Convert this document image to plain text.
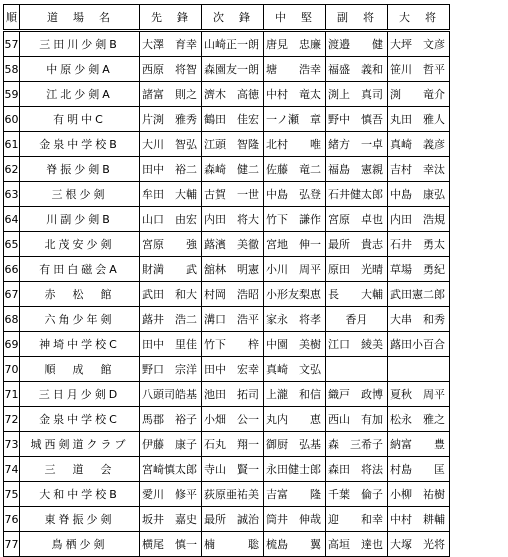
順	道　場　名	先　鋒	次　鋒	中　堅	副　将	大　将
57	三田川少剣B	大澤　育幸	山崎正一朗	唐見　忠廉	渡邉　　健	大坪　文彦
58	中原少剣A	西原　将智	森園友一朗	塘　　浩幸	福盛　義和	笹川　哲平
59	江北少剣A	諸富　則之	濟木　高徳	中村　竜太	渕上　真司	渕　　竜介
60	有明中C	片渕　雅秀	鶴田　佳宏	一ノ瀬　章	野中　慎吾	丸田　雅人
61	金泉中学校B	大川　智弘	江頭　智隆	北村　　唯	緒方　一卓	真崎　義彦
62	脊振少剣B	田中　裕二	森崎　健二	佐藤　竜二	福島　憲親	吉村　幸汰
63	三根少剣	牟田　大輔	古賀　一世	中島　弘登	石井健太郎	中島　康弘
64	川副少剣B	山口　由宏	内田　将大	竹下　謙作	宮原　卓也	内田　浩規
65	北茂安少剣	宮原　　強	蕗濱　美徹	宮地　伸一	最所　貴志	石井　勇太
66	有田白磁会A	財満　　武	舘林　明憲	小川　周平	原田　光晴	草場　勇紀
67	赤　松　館	武田　和大	村岡　浩昭	小形友梨恵	長　　大輔	武田憲二郎
68	六角少年剣	蕗井　浩二	溝口　浩平	家永　将孝	香月	大串　和秀
69	神埼中学校C	田中　里佳	竹下　　梓	中園　美樹	江口　綾美	蕗田小百合
70	順　成　館	野口　宗洋	田中　宏幸	真崎　文弘		
71	三日月少剣D	八頭司皓基	池田　拓司	上瀧　和信	織戸　政博	夏秋　周平
72	金泉中学校C	馬郡　裕子	小畑　公一	丸内　　恵	西山　有加	松永　雅之
73	城西剣道クラブ	伊藤　康子	石丸　翔一	御厨　弘基	森　三希子	納富　　豊
74	三　道　会	宮崎慎太郎	寺山　賢一	永田健士郎	森田　将法	村島　　匡
75	大和中学校B	愛川　修平	荻原亜祐美	吉富　　隆	千葉　倫子	小柳　祐樹
76	東脊振少剣	坂井　嘉史	最所　誠治	筒井　伸哉	迎　　和幸	中村　耕輔
77	鳥栖少剣	横尾　慎一	楠　　　聡	梳島　　翼	高垣　達也	大塚　光将
